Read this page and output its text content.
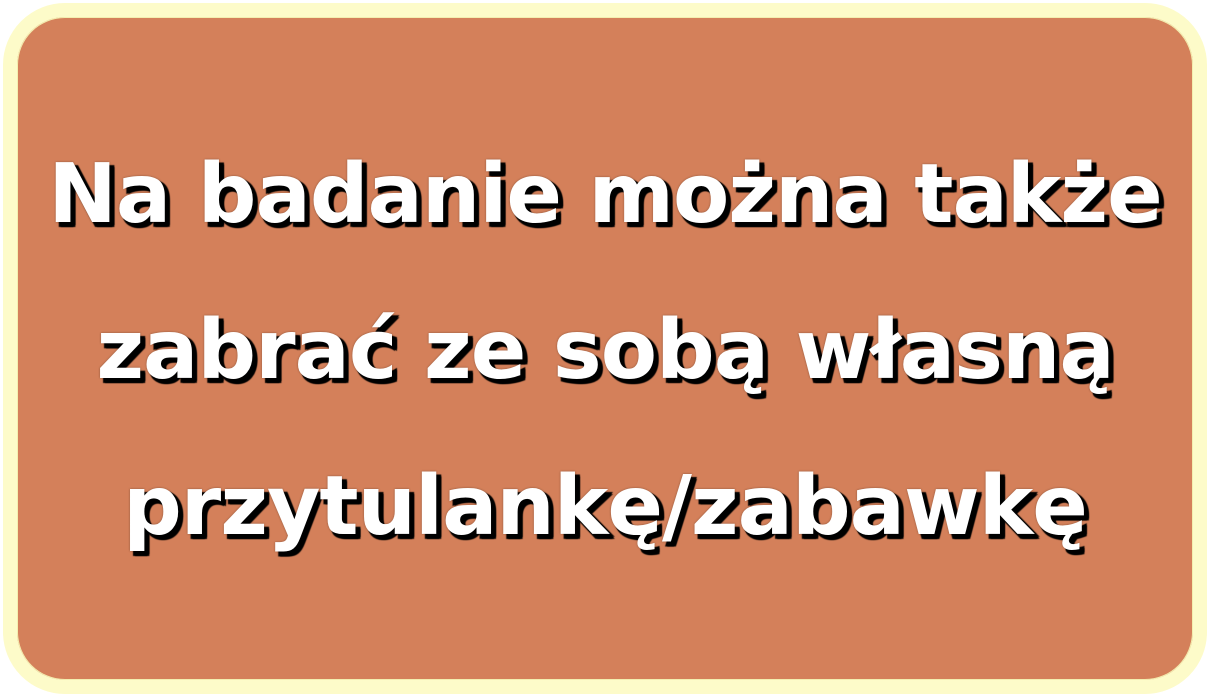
Na badanie można także
zabrać ze sobą własną
przytulankę/zabawkę
